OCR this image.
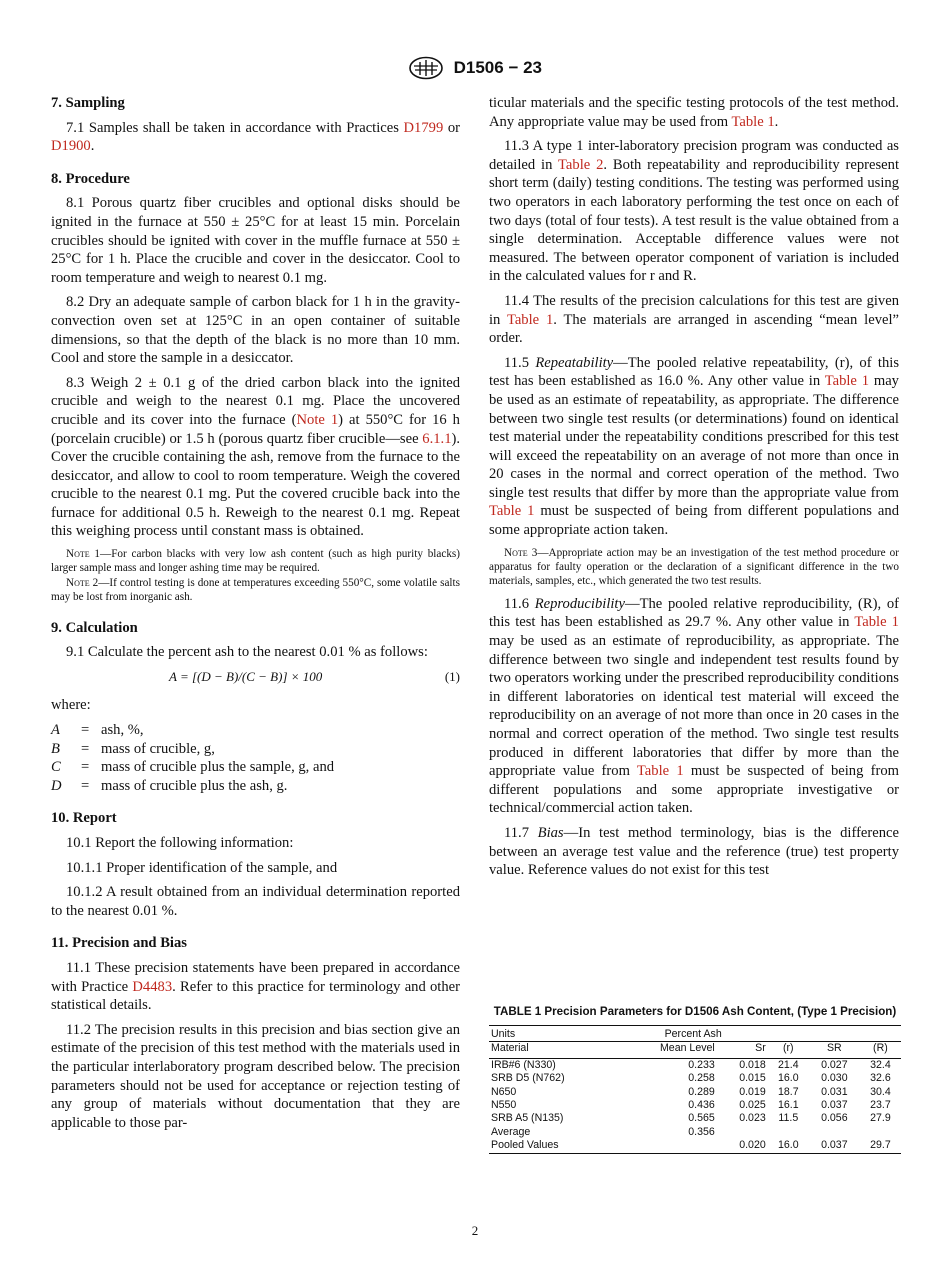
D1506 − 23
7. Sampling

7.1 Samples shall be taken in accordance with Practices D1799 or D1900.

8. Procedure

8.1 Porous quartz fiber crucibles and optional disks should be ignited in the furnace at 550 ± 25°C for at least 15 min. Porcelain crucibles should be ignited with cover in the muffle furnace at 550 ± 25°C for 1 h. Place the crucible and cover in the desiccator. Cool to room temperature and weigh to nearest 0.1 mg.

8.2 Dry an adequate sample of carbon black for 1 h in the gravity-convection oven set at 125°C in an open container of suitable dimensions, so that the depth of the black is no more than 10 mm. Cool and store the sample in a desiccator.

8.3 Weigh 2 ± 0.1 g of the dried carbon black into the ignited crucible and weigh to the nearest 0.1 mg. Place the uncovered crucible and its cover into the furnace (Note 1) at 550°C for 16 h (porcelain crucible) or 1.5 h (porous quartz fiber crucible—see 6.1.1). Cover the crucible containing the ash, remove from the furnace to the desiccator, and allow to cool to room temperature. Weigh the covered crucible to the nearest 0.1 mg. Put the covered crucible back into the furnace for additional 0.5 h. Reweigh to the nearest 0.1 mg. Repeat this weighing process until constant mass is obtained.

Note 1—For carbon blacks with very low ash content (such as high purity blacks) larger sample mass and longer ashing time may be required.

Note 2—If control testing is done at temperatures exceeding 550°C, some volatile salts may be lost from inorganic ash.

9. Calculation

9.1 Calculate the percent ash to the nearest 0.01 % as follows:

A = [(D − B)/(C − B)] × 100	(1)

where:

A	= ash, %,
B	= mass of crucible, g,
C	= mass of crucible plus the sample, g, and
D	= mass of crucible plus the ash, g.
10. Report

10.1 Report the following information:

10.1.1 Proper identification of the sample, and

10.1.2 A result obtained from an individual determination reported to the nearest 0.01 %.

11. Precision and Bias

11.1 These precision statements have been prepared in accordance with Practice D4483. Refer to this practice for terminology and other statistical details.

11.2 The precision results in this precision and bias section give an estimate of the precision of this test method with the materials used in the particular interlaboratory program described below. The precision parameters should not be used for acceptance or rejection testing of any group of materials without documentation that they are applicable to those par-

ticular materials and the specific testing protocols of the test method. Any appropriate value may be used from Table 1.

11.3 A type 1 inter-laboratory precision program was conducted as detailed in Table 2. Both repeatability and reproducibility represent short term (daily) testing conditions. The testing was performed using two operators in each laboratory performing the test once on each of two days (total of four tests). A test result is the value obtained from a single determination. Acceptable difference values were not measured. The between operator component of variation is included in the calculated values for r and R.

11.4 The results of the precision calculations for this test are given in Table 1. The materials are arranged in ascending “mean level” order.

11.5 Repeatability—The pooled relative repeatability, (r), of this test has been established as 16.0 %. Any other value in Table 1 may be used as an estimate of repeatability, as appropriate. The difference between two single test results (or determinations) found on identical test material under the repeatability conditions prescribed for this test will exceed the repeatability on an average of not more than once in 20 cases in the normal and correct operation of the method. Two single test results that differ by more than the appropriate value from Table 1 must be suspected of being from different populations and some appropriate action taken.

Note 3—Appropriate action may be an investigation of the test method procedure or apparatus for faulty operation or the declaration of a significant difference in the two materials, samples, etc., which generated the two test results.

11.6 Reproducibility—The pooled relative reproducibility, (R), of this test has been established as 29.7 %. Any other value in Table 1 may be used as an estimate of reproducibility, as appropriate. The difference between two single and independent test results found by two operators working under the prescribed reproducibility conditions in different laboratories on identical test material will exceed the reproducibility on an average of not more than once in 20 cases in the normal and correct operation of the method. Two single test results produced in different laboratories that differ by more than the appropriate value from Table 1 must be suspected of being from different populations and some appropriate investigative or technical/commercial action taken.

11.7 Bias—In test method terminology, bias is the difference between an average test value and the reference (true) test property value. Reference values do not exist for this test

TABLE 1 Precision Parameters for D1506 Ash Content, (Type 1 Precision)
Units	Percent Ash				
Material	Mean Level	Sr	(r)	SR	(R)
IRB#6 (N330)	0.233	0.018	21.4	0.027	32.4
SRB D5 (N762)	0.258	0.015	16.0	0.030	32.6
N650	0.289	0.019	18.7	0.031	30.4
N550	0.436	0.025	16.1	0.037	23.7
SRB A5 (N135)	0.565	0.023	11.5	0.056	27.9
Average	0.356				
Pooled Values		0.020	16.0	0.037	29.7
2
